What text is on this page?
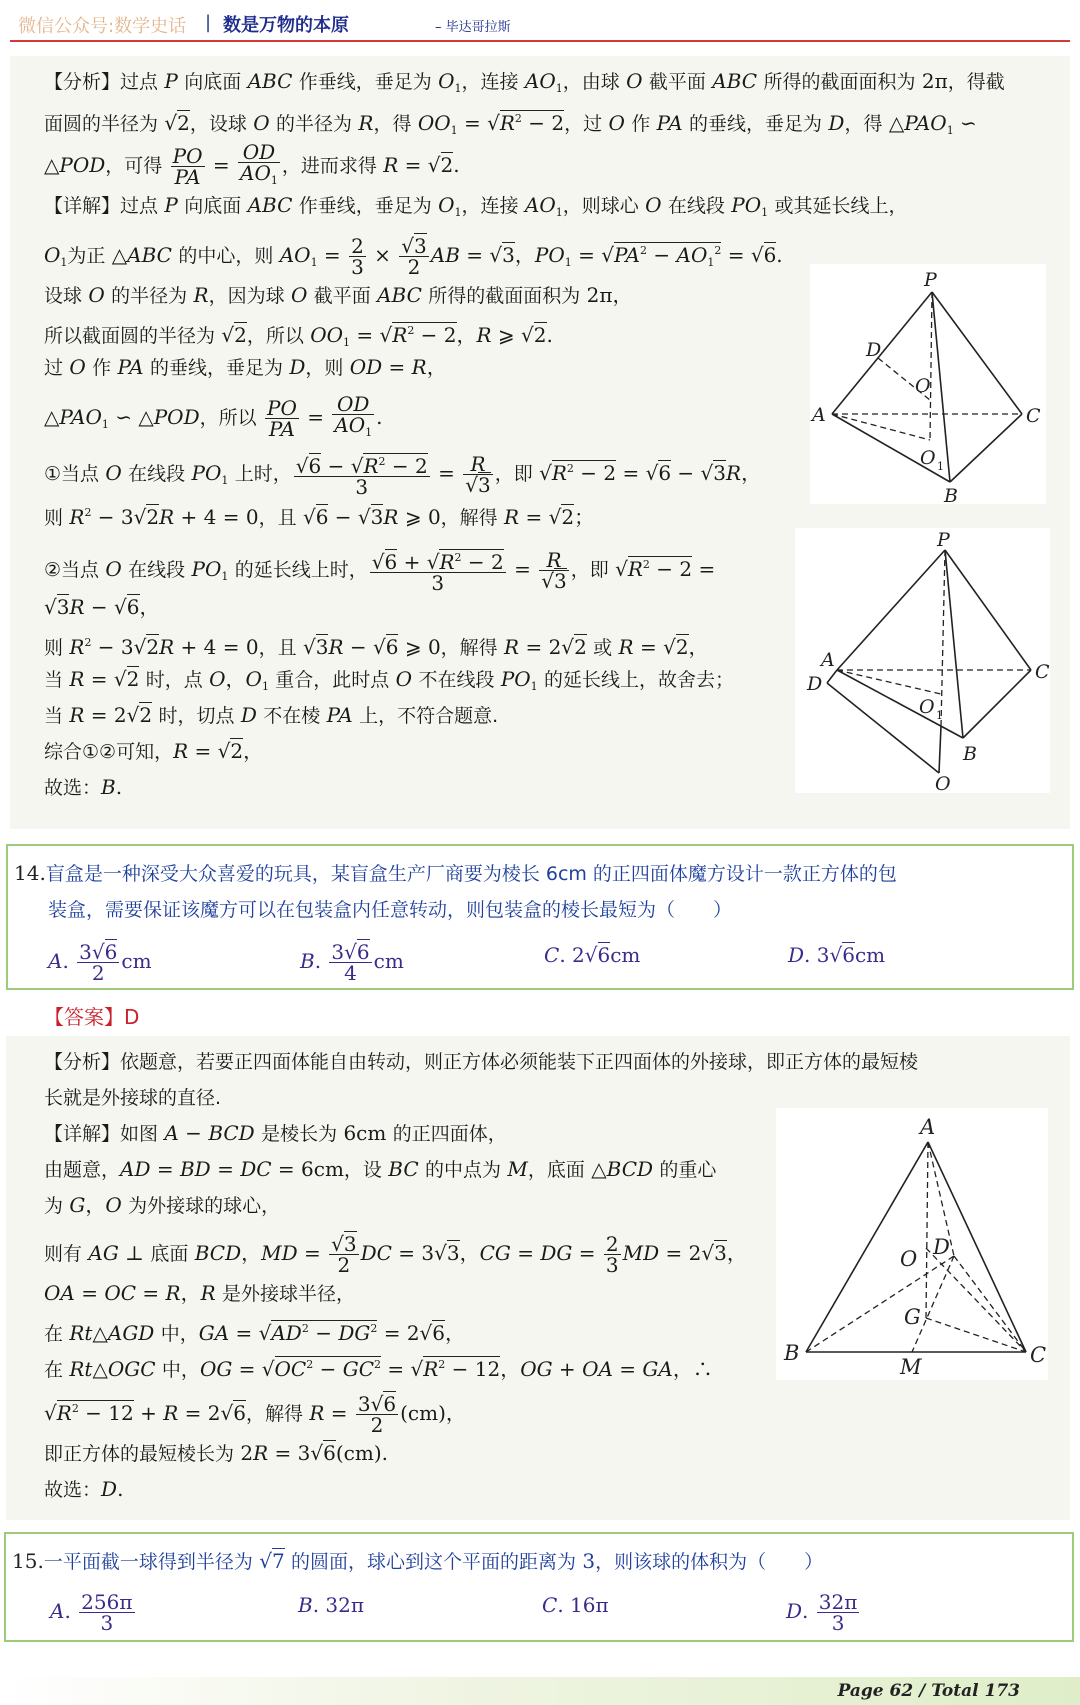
微信公众号:数学史话 | 数是万物的本原	– 毕达哥拉斯
【分析】过点 P 向底面 ABC 作垂线，垂足为 $O_1$，连接 $AO_1$，由球 O 截平面 ABC 所得的截面面积为 2π，得截
面圆的半径为 √2，设球 O 的半径为 R，得 $OO_1 = √R^2 - 2$，过 O 作 PA 的垂线，垂足为 D，得 $\triangle PAO_1$ ∽
△POD，可得 $\frac{PO}{PA} = \frac{OD}{AO_1}$ ，进而求得 R = √2.
【详解】过点 P 向底面 ABC 作垂线，垂足为 $O_1$，连接 $AO_1$，则球心 O 在线段 $PO_1$ 或其延长线上，
$O_1$为正 △ABC 的中心，则 $AO_1 = \frac{2}{3} \times \frac{√3}{2}$ AB = √3，$PO_1 = √PA^2 - AO_1^2 = √6$.
设球 O 的半径为 R，因为球 O 截平面 ABC 所得的截面面积为 2π，
所以截面圆的半径为 √2，所以 $OO_1 = √R^2 - 2$，R ⩾ √2.
过 O 作 PA 的垂线，垂足为 D，则 OD = R，
$\triangle PAO_1$ ∽ △POD，所以 $\frac{PO}{PA} = \frac{OD}{AO_1}$ .
①当点 O 在线段 $PO_1$ 上时， $\frac{√6 - √R^2 - 2}{3} = \frac{R}{√3}$ ，即 $√R^2 - 2 = √6 - √3R$，
则 $R^2 - 3√2R + 4 = 0$，且 √6 − √3R ⩾ 0，解得 R = √2；
②当点 O 在线段 $PO_1$ 的延长线上时， $\frac{√6 + √R^2 - 2}{3} = \frac{R}{√3}$ ，即 $√R^2 - 2$ =
√3R − √6，
则 $R^2 - 3√2R + 4 = 0$，且 √3R − √6 ⩾ 0，解得 R = 2√2 或 R = √2，
当 R = √2 时，点 O，$O_1$ 重合，此时点 O 不在线段 $PO_1$ 的延长线上，故舍去；
当 R = 2√2 时，切点 D 不在棱 PA 上，不符合题意.
综合①②可知，R = √2，
故选：B.
P
D
O
A	C
O 1
B
P
A
D
C
O 1
B
O
14.盲盒是一种深受大众喜爱的玩具，某盲盒生产厂商要为棱长 6cm 的正四面体魔方设计一款正方体的包
装盒，需要保证该魔方可以在包装盒内任意转动，则包装盒的棱长最短为（　　）
A. $\frac{3√6}{2}$ cm	B. $\frac{3√6}{4}$ cm	C. 2√6cm	D. 3√6cm
【答案】D
【分析】依题意，若要正四面体能自由转动，则正方体必须能装下正四面体的外接球，即正方体的最短棱
长就是外接球的直径.
【详解】如图 A − BCD 是棱长为 6cm 的正四面体，
由题意，AD = BD = DC = 6cm，设 BC 的中点为 M，底面 △BCD 的重心
为 G，O 为外接球的球心，
则有 AG ⊥ 底面 BCD，MD = $\frac{√3}{2}$ DC = 3√3，CG = DG = $\frac{2}{3}$ MD = 2√3，
OA = OC = R，R 是外接球半径，
在 Rt△AGD 中，GA = $√AD^2 - DG^2 = 2√6$，
在 Rt△OGC 中，OG = $√OC^2 - GC^2 = √R^2 - 12$，OG + OA = GA，∴
$√R^2 - 12 + R = 2√6$，解得 $R = \frac{3√6}{2} (cm)$，
即正方体的最短棱长为 2R = 3√6(cm).
故选：D.
A
O D
G
B
M	C
15.一平面截一球得到半径为 √7 的圆面，球心到这个平面的距离为 3，则该球的体积为（　　）
A. $\frac{256\pi}{3}$	B. 32π	C. 16π	D. $\frac{32\pi}{3}$
Page 62 / Total 173
